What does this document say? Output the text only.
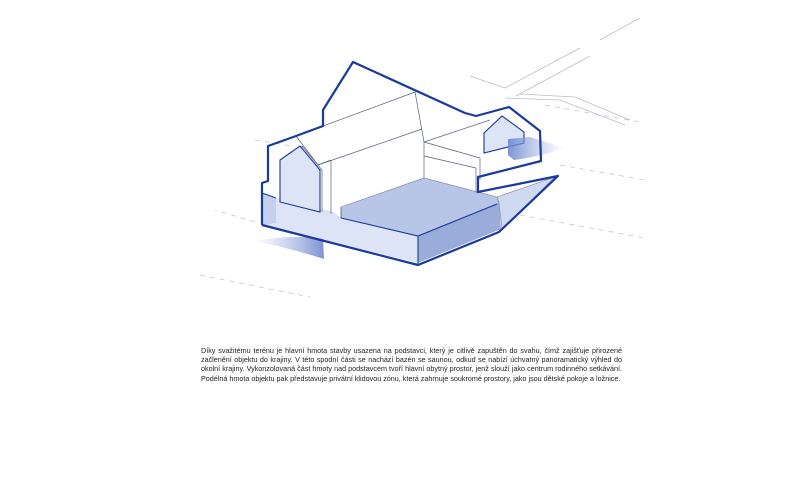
Díky svažitému terénu je hlavní hmota stavby usazena na podstavci, který je citlivě zapuštěn do svahu, čímž zajišťuje přirozené začlenění objektu do krajiny. V této spodní části se nachází bazén se saunou, odkud se nabízí úchvatný panoramatický výhled do okolní krajiny. Vykonzolovaná část hmoty nad podstavcem tvoří hlavní obytný prostor, jenž slouží jako centrum rodinného setkávání. Podélná hmota objektu pak představuje privátní klidovou zónu, která zahrnuje soukromé prostory, jako jsou dětské pokoje a ložnice.
